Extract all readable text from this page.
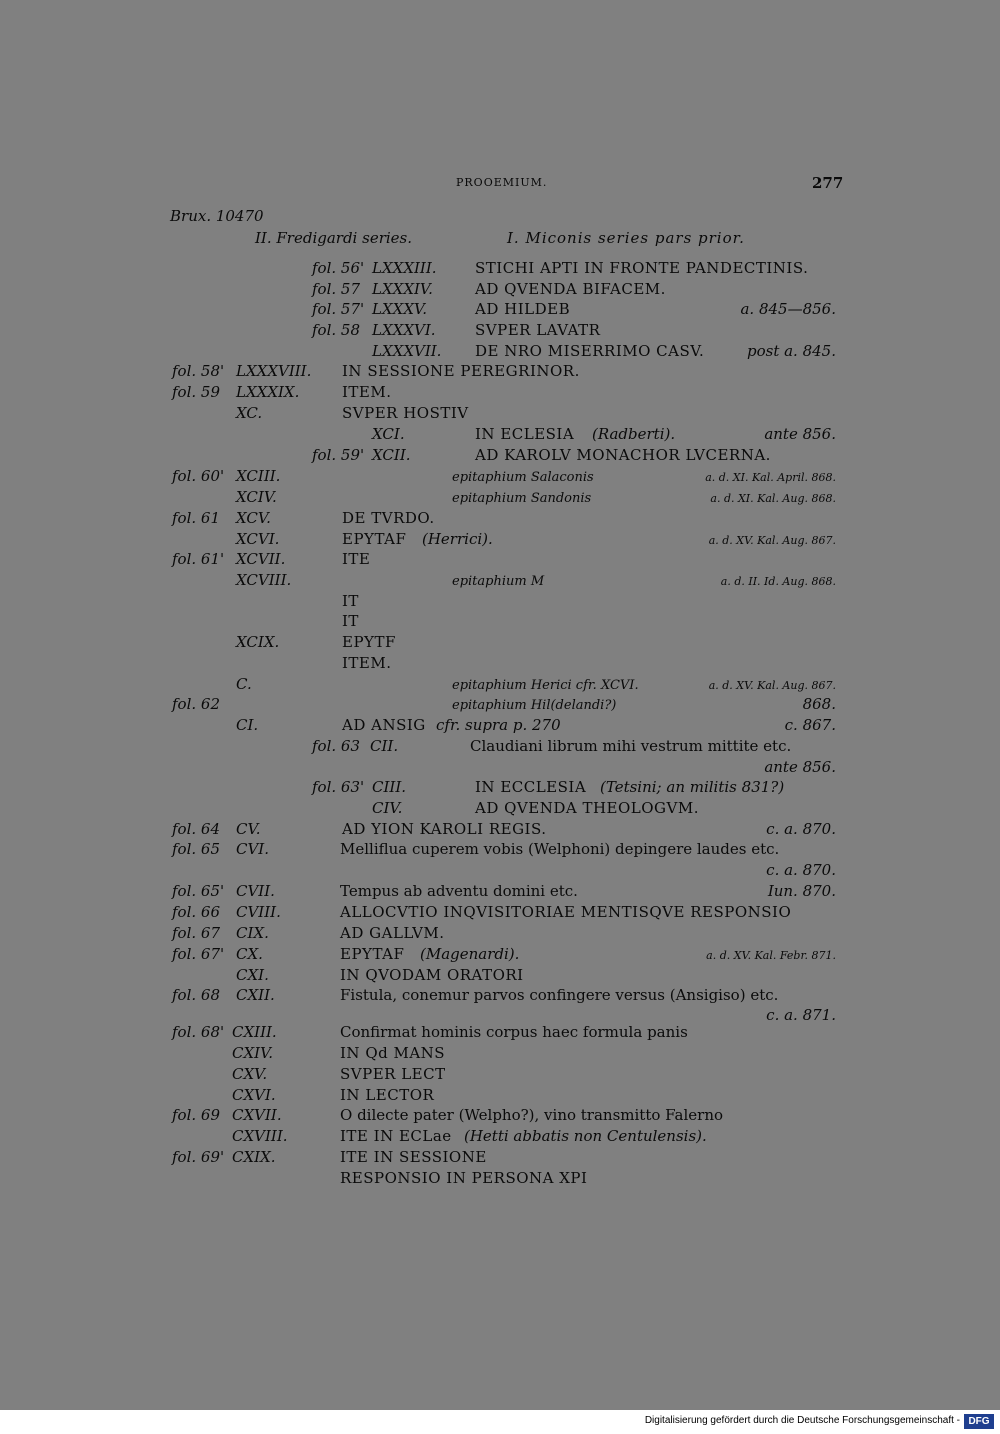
PROOEMIUM.	277
Brux. 10470
II. Fredigardi series.	I. Miconis series pars prior.
fol. 56' LXXXIII.	STICHI APTI IN FRONTE PANDECTINIS.
fol. 57 LXXXIV.	AD QVENDA BIFACEM.
fol. 57' LXXXV.	AD HILDEB	a. 845—856.
fol. 58 LXXXVI.	SVPER LAVATR
LXXXVII. DE NRO MISERRIMO CASV.	post a. 845.
fol. 58' LXXXVIII. IN SESSIONE PEREGRINOR.
fol. 59 LXXXIX.	ITEM.
XC.	SVPER HOSTIV
XCI.	IN ECLESIA (Radberti).	ante 856.
fol. 59' XCII.	AD KAROLV MONACHOR LVCERNA.
fol. 60' XCIII.	epitaphium Salaconis	a. d. XI. Kal. April. 868.
XCIV.	epitaphium Sandonis	a. d. XI. Kal. Aug. 868.
fol. 61 XCV.	DE TVRDO.
XCVI.	EPYTAF (Herrici).	a. d. XV. Kal. Aug. 867.
fol. 61' XCVII.	ITE
XCVIII.	epitaphium M	a. d. II. Id. Aug. 868.
IT
IT
XCIX.	EPYTF
ITEM.
C.	epitaphium Herici cfr. XCVI.	a. d. XV. Kal. Aug. 867.
fol. 62	epitaphium Hil(delandi?)	868.
CI.	AD ANSIG cfr. supra p. 270	c. 867.
fol. 63 CII.	Claudiani librum mihi vestrum mittite etc.
ante 856.
fol. 63' CIII.	IN ECCLESIA (Tetsini; an militis 831?)
CIV.	AD QVENDA THEOLOGVM.
fol. 64 CV.	AD YION KAROLI REGIS.	c. a. 870.
fol. 65 CVI.	Melliflua cuperem vobis (Welphoni) depingere laudes etc.
c. a. 870.
fol. 65' CVII.	Tempus ab adventu domini etc.	Iun. 870.
fol. 66 CVIII.	ALLOCVTIO INQVISITORIAE MENTISQVE RESPONSIO
fol. 67 CIX.	AD GALLVM.
fol. 67' CX.	EPYTAF (Magenardi).	a. d. XV. Kal. Febr. 871.
CXI.	IN QVODAM ORATORI
fol. 68 CXII.	Fistula, conemur parvos confingere versus (Ansigiso) etc.
c. a. 871.
fol. 68' CXIII.	Confirmat hominis corpus haec formula panis
CXIV.	IN Qd MANS
CXV.	SVPER LECT
CXVI.	IN LECTOR
fol. 69 CXVII.	O dilecte pater (Welpho?), vino transmitto Falerno
CXVIII.	ITE IN ECLae (Hetti abbatis non Centulensis).
fol. 69' CXIX.	ITE IN SESSIONE
RESPONSIO IN PERSONA XPI
Digitalisierung gefördert durch die Deutsche Forschungsgemeinschaft - DFG
